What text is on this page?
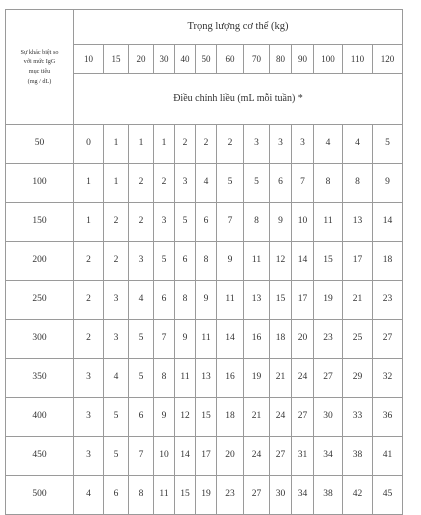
Sự khác biệt so
với mức IgG
mục tiêu
(mg / dL)	Trọng lượng cơ thể (kg)												
	10	15	20	30	40	50	60	70	80	90	100	110	120
	Điều chỉnh liều (mL mỗi tuần) *												
50	0	1	1	1	2	2	2	3	3	3	4	4	5
100	1	1	2	2	3	4	5	5	6	7	8	8	9
150	1	2	2	3	5	6	7	8	9	10	11	13	14
200	2	2	3	5	6	8	9	11	12	14	15	17	18
250	2	3	4	6	8	9	11	13	15	17	19	21	23
300	2	3	5	7	9	11	14	16	18	20	23	25	27
350	3	4	5	8	11	13	16	19	21	24	27	29	32
400	3	5	6	9	12	15	18	21	24	27	30	33	36
450	3	5	7	10	14	17	20	24	27	31	34	38	41
500	4	6	8	11	15	19	23	27	30	34	38	42	45
